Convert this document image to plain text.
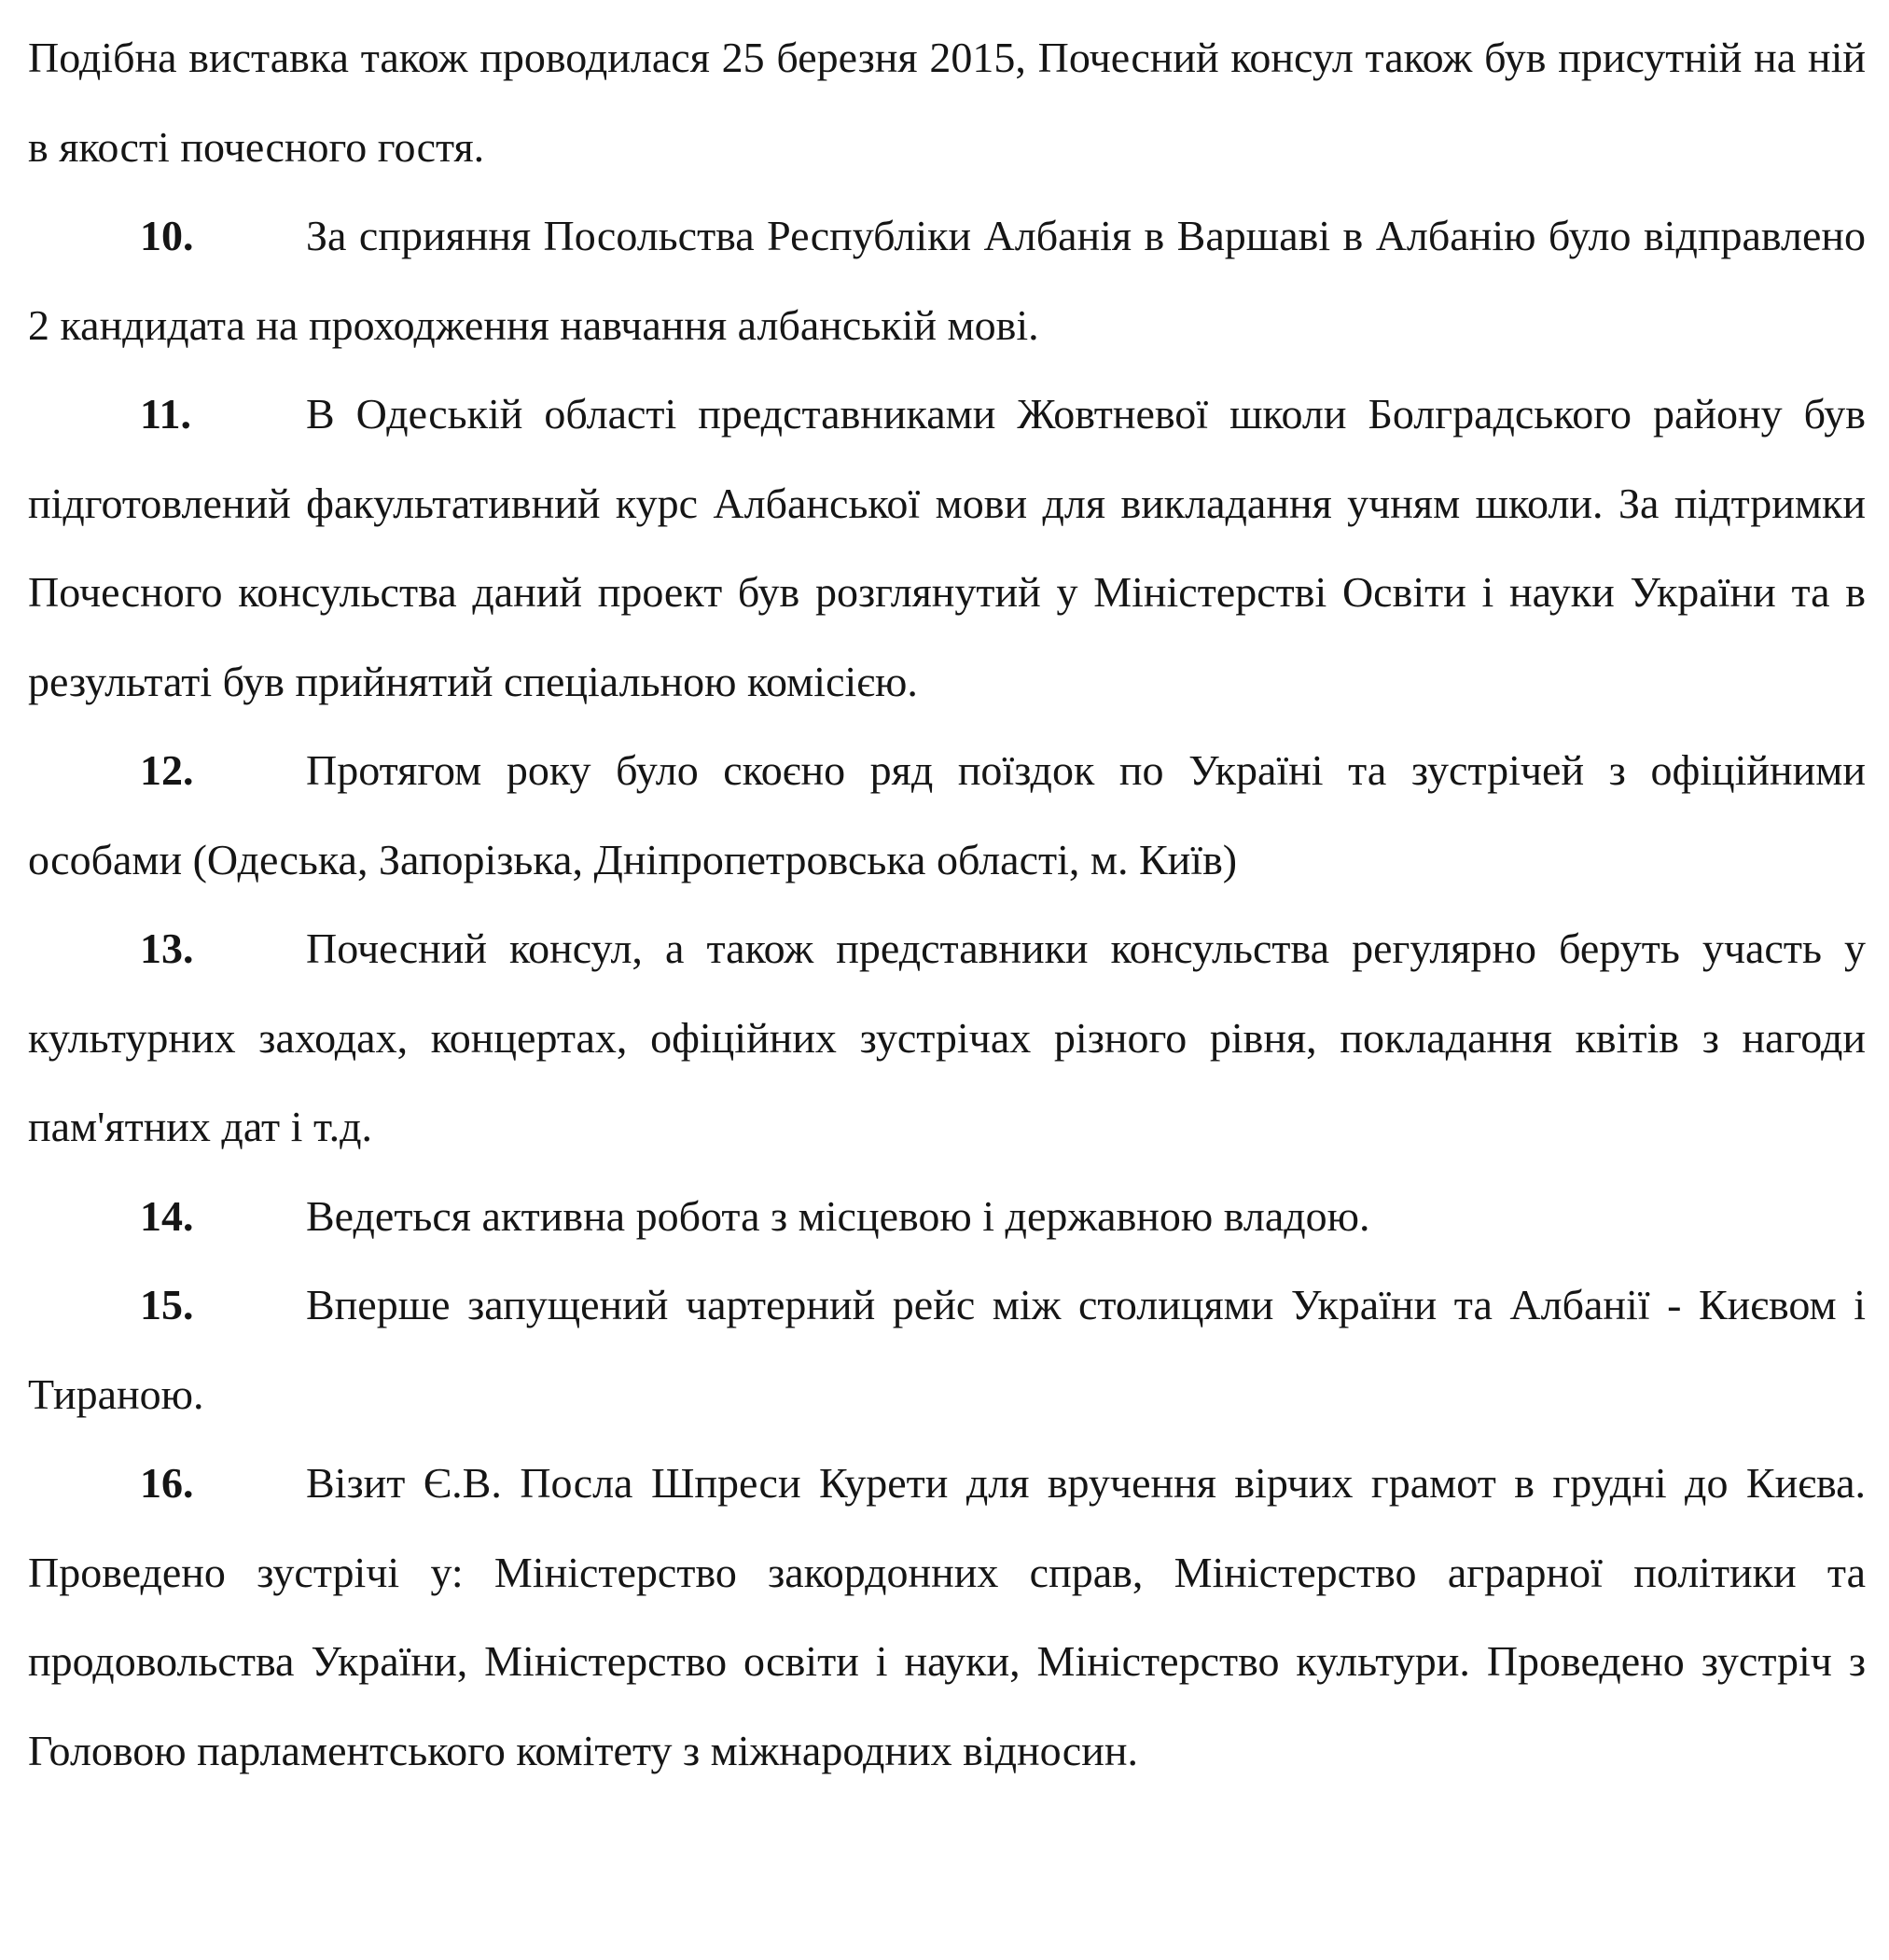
Подібна виставка також проводилася 25 березня 2015, Почесний консул також був присутній на ній в якості почесного гостя.

10.	За сприяння Посольства Республіки Албанія в Варшаві в Албанію було відправлено 2 кандидата на проходження навчання албанській мові.

11.	В Одеській області представниками Жовтневої школи Болградського району був підготовлений факультативний курс Албанської мови для викладання учням школи. За підтримки Почесного консульства даний проект був розглянутий у Міністерстві Освіти і науки України та в результаті був прийнятий спеціальною комісією.

12.	Протягом року було скоєно ряд поїздок по Україні та зустрічей з офіційними особами (Одеська, Запорізька, Дніпропетровська області, м. Київ)

13.	Почесний консул, а також представники консульства регулярно беруть участь у культурних заходах, концертах, офіційних зустрічах різного рівня, покладання квітів з нагоди пам'ятних дат і т.д.

14.	Ведеться активна робота з місцевою і державною владою.

15.	Вперше запущений чартерний рейс між столицями України та Албанії - Києвом і Тираною.

16.	Візит Є.В. Посла Шпреси Курети для вручення вірчих грамот в грудні до Києва. Проведено зустрічі у: Міністерство закордонних справ, Міністерство аграрної політики та продовольства України, Міністерство освіти і науки, Міністерство культури. Проведено зустріч з Головою парламентського комітету з міжнародних відносин.
